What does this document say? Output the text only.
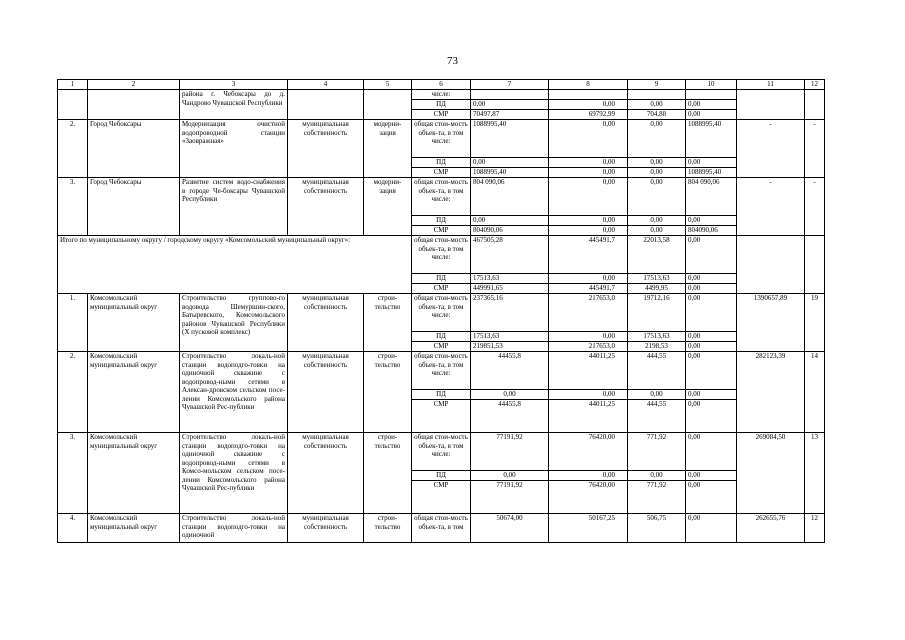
73
1	2	3	4	5	6	7	8	9	10	11	12
		района г. Чебоксары до д. Чандрово Чувашской Республики			числе:						
					ПД	0,00	0,00	0,00	0,00		
					СМР	70497,87	69792,99	704,88	0,00		
2.	Город Чебоксары	Модернизация очистной водопроводной станции «Заовражная»	муниципальная собственность	модерни-зация	общая стои-мость объек-та, в том числе:	1088995,40	0,00	0,00	1088995,40	-	-
					ПД	0,00	0,00	0,00	0,00		
					СМР	1088995,40	0,00	0,00	1088995,40		
3.	Город Чебоксары	Развитие систем водо-снабжения в городе Че-боксары Чувашской Республики	муниципальная собственность	модерни-зация	общая стои-мость объек-та, в том числе:	804 090,06	0,00	0,00	804 090,06	-	-
					ПД	0,00	0,00	0,00	0,00		
					СМР	804090,06	0,00	0,00	804090,06		
Итого по муниципальному округу / городскому округу «Комсомольский муниципальный округ»:					общая стои-мость объек-та, в том числе:	467505,28	445491,7	22013,58	0,00		
					ПД	17513,63	0,00	17513,63	0,00		
					СМР	449991,65	445491,7	4499,95	0,00		
1.	Комсомольский муниципальный округ	Строительство группово-го водовода Шемуршин-ского, Батыревского, Комсомольского районов Чувашской Республики (X пусковой комплекс)	муниципальная собственность	строи-тельство	общая стои-мость объек-та, в том числе:	237365,16	217653,0	19712,16	0,00	1390657,89	19
					ПД	17513,63	0,00	17513,63	0,00		
					СМР	219851,53	217653,0	2198,53	0,00		
2.	Комсомольский муниципальный округ	Строительство локаль-ной станции водоподго-товки на одиночной скважине с водопровод-ными сетями в Алексан-дровском сельском посе-лении Комсомольского района Чувашской Рес-публики	муниципальная собственность	строи-тельство	общая стои-мость объек-та, в том числе:	44455,8	44011,25	444,55	0,00	282123,39	14
					ПД	0,00	0,00	0,00	0,00		
					СМР	44455,8	44011,25	444,55	0,00		
3.	Комсомольский муниципальный округ	Строительство локаль-ной станции водоподго-товки на одиночной скважине с водопровод-ными сетями в Комсо-мольском сельском посе-лении Комсомольского района Чувашской Рес-публики	муниципальная собственность	строи-тельство	общая стои-мость объек-та, в том числе:	77191,92	76420,00	771,92	0,00	269084,50	13
					ПД	0,00	0,00	0,00	0,00		
					СМР	77191,92	76420,00	771,92	0,00		
4.	Комсомольский муниципальный округ	Строительство локаль-ной станции водоподго-товки на одиночной	муниципальная собственность	строи-тельство	общая стои-мость объек-та, в том	50674,00	50167,25	506,75	0,00	262655,76	12
